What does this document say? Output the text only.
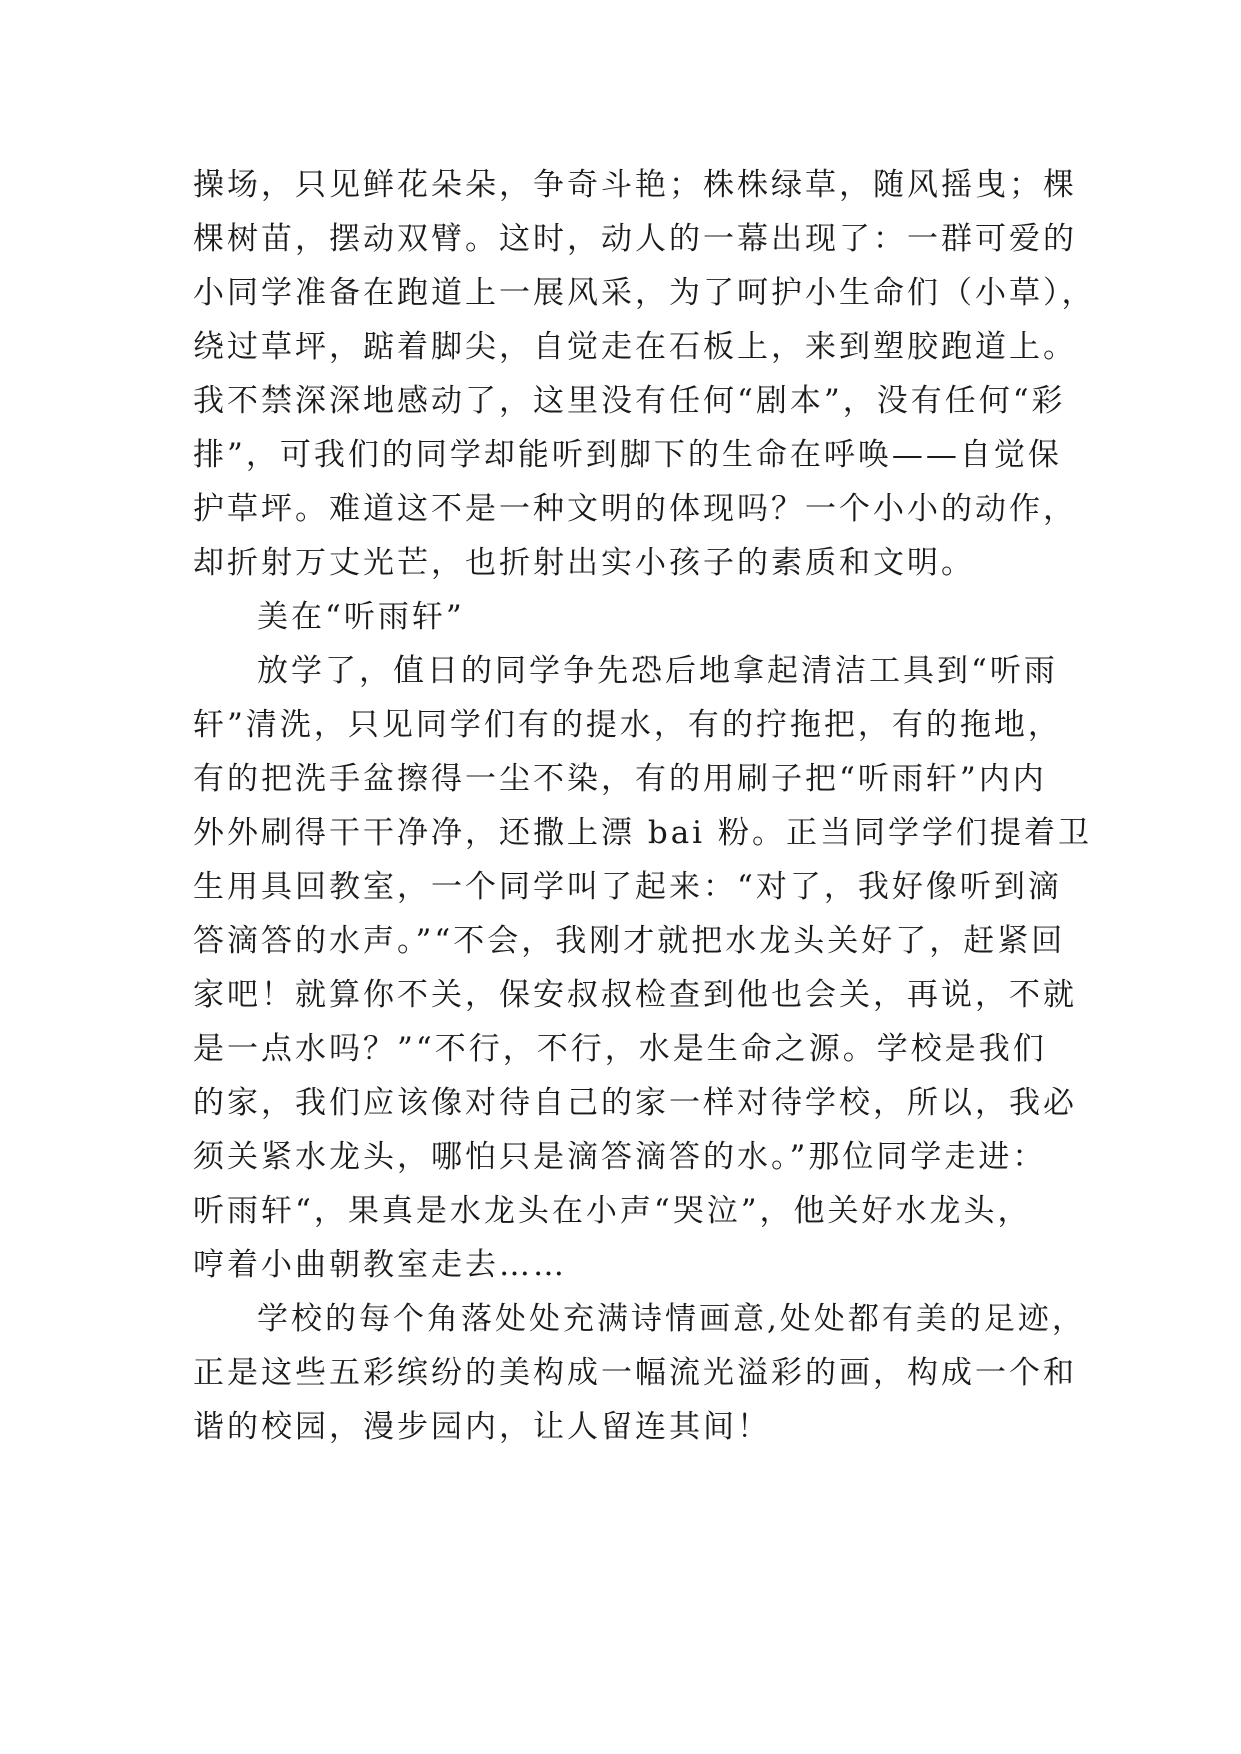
操场，只见鲜花朵朵，争奇斗艳；株株绿草，随风摇曳；棵
棵树苗，摆动双臂。这时，动人的一幕出现了：一群可爱的
小同学准备在跑道上一展风采，为了呵护小生命们（小草），
绕过草坪，踮着脚尖，自觉走在石板上，来到塑胶跑道上。
我不禁深深地感动了，这里没有任何“剧本”，没有任何“彩
排”，可我们的同学却能听到脚下的生命在呼唤——自觉保
护草坪。难道这不是一种文明的体现吗？一个小小的动作，
却折射万丈光芒，也折射出实小孩子的素质和文明。
美在“听雨轩”
放学了，值日的同学争先恐后地拿起清洁工具到“听雨
轩”清洗，只见同学们有的提水，有的拧拖把，有的拖地，
有的把洗手盆擦得一尘不染，有的用刷子把“听雨轩”内内
外外刷得干干净净，还撒上漂 bai 粉。正当同学学们提着卫
生用具回教室，一个同学叫了起来：“对了，我好像听到滴
答滴答的水声。”“不会，我刚才就把水龙头关好了，赶紧回
家吧！就算你不关，保安叔叔检查到他也会关，再说，不就
是一点水吗？”“不行，不行，水是生命之源。学校是我们
的家，我们应该像对待自己的家一样对待学校，所以，我必
须关紧水龙头，哪怕只是滴答滴答的水。”那位同学走进：
听雨轩“，果真是水龙头在小声“哭泣”，他关好水龙头，
哼着小曲朝教室走去……
学校的每个角落处处充满诗情画意,处处都有美的足迹，
正是这些五彩缤纷的美构成一幅流光溢彩的画，构成一个和
谐的校园，漫步园内，让人留连其间！
